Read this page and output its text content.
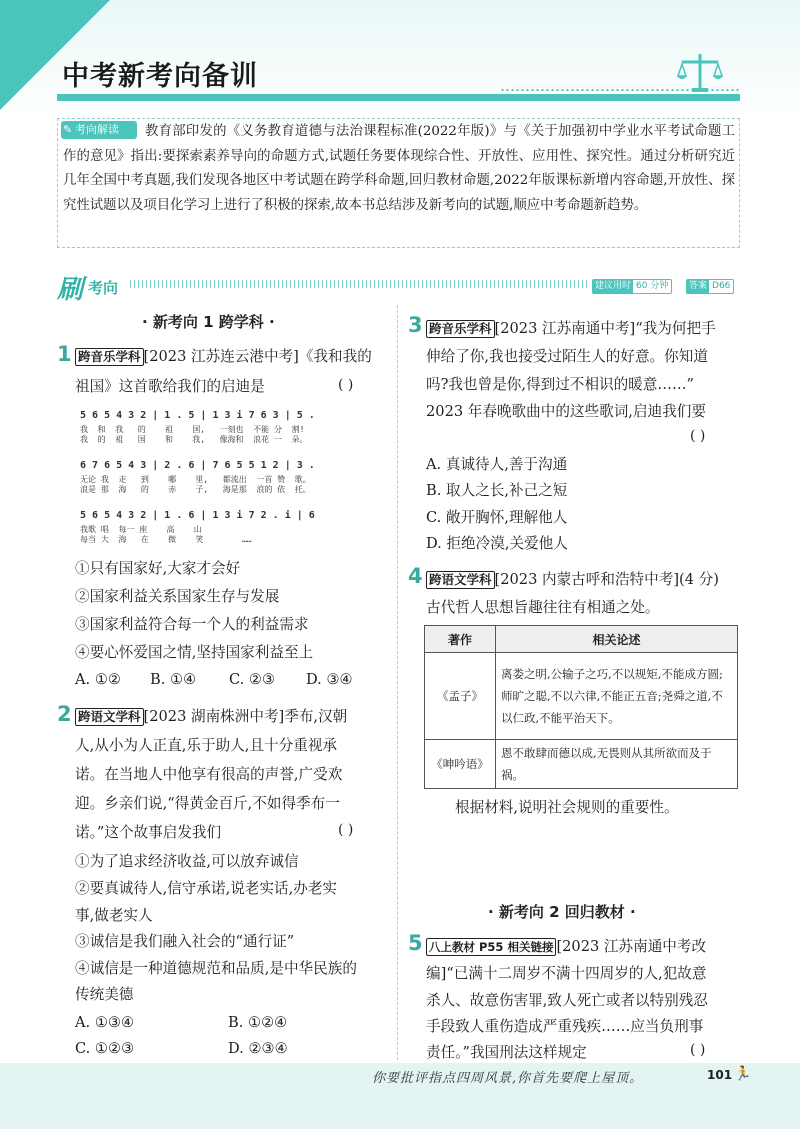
中考新考向备训
✎ 考向解读	教育部印发的《义务教育道德与法治课程标准(2022年版)》与《关于加强初中学业水平考试命题工作的意见》指出:要探索素养导向的命题方式,试题任务要体现综合性、开放性、应用性、探究性。通过分析研究近几年全国中考真题,我们发现各地区中考试题在跨学科命题,回归教材命题,2022年版课标新增内容命题,开放性、探究性试题以及项目化学习上进行了积极的探索,故本书总结涉及新考向的试题,顺应中考命题新趋势。
刷 考向	建议用时 60 分钟	答案 D66
· 新考向 1 跨学科 ·
1 跨音乐学科 [2023 江苏连云港中考]《我和我的
祖国》这首歌给我们的启迪是	( )
5 6 5 4 3 2 | 1 . 5 | 1 3 i 7 6 3 | 5 .
我  和  我   的    祖    国,   一刻也  不能 分  割!
我  的  祖   国    和    我,   像海和  浪花 一  朵。
6 7 6 5 4 3 | 2 . 6 | 7 6 5 5 1 2 | 3 .
无论 我  走   到    哪    里,   都流出  一首 赞  歌。
浪是 那  海   的    赤    子,   海是那  浪的 依  托。
5 6 5 4 3 2 | 1 . 6 | 1 3 i 7 2 . i | 6
我歌 唱  每一 座    高    山
每当 大  海   在    微    笑        ……
①只有国家好,大家才会好
②国家利益关系国家生存与发展
③国家利益符合每一个人的利益需求
④要心怀爱国之情,坚持国家利益至上
A. ①② B. ①④ C. ②③ D. ③④
2 跨语文学科 [2023 湖南株洲中考]季布,汉朝
人,从小为人正直,乐于助人,且十分重视承
诺。在当地人中他享有很高的声誉,广受欢
迎。乡亲们说,“得黄金百斤,不如得季布一
诺。”这个故事启发我们	( )
①为了追求经济收益,可以放弃诚信
②要真诚待人,信守承诺,说老实话,办老实
事,做老实人
③诚信是我们融入社会的“通行证”
④诚信是一种道德规范和品质,是中华民族的
传统美德
A. ①③④	B. ①②④
C. ①②③	D. ②③④
3 跨音乐学科 [2023 江苏南通中考]“我为何把手
伸给了你,我也接受过陌生人的好意。你知道
吗?我也曾是你,得到过不相识的暖意……”
2023 年春晚歌曲中的这些歌词,启迪我们要
( )
A. 真诚待人,善于沟通
B. 取人之长,补己之短
C. 敞开胸怀,理解他人
D. 拒绝冷漠,关爱他人
4 跨语文学科 [2023 内蒙古呼和浩特中考](4 分)
古代哲人思想旨趣往往有相通之处。
著作	相关论述
《孟子》	离娄之明,公输子之巧,不以规矩,不能成方圆;师旷之聪,不以六律,不能正五音;尧舜之道,不以仁政,不能平治天下。
《呻吟语》	恩不敢肆而德以成,无畏则从其所欲而及于祸。
根据材料,说明社会规则的重要性。
· 新考向 2 回归教材 ·
5 八上教材 P55 相关链接 [2023 江苏南通中考改
编]“已满十二周岁不满十四周岁的人,犯故意
杀人、故意伤害罪,致人死亡或者以特别残忍
手段致人重伤造成严重残疾……应当负刑事
责任。”我国刑法这样规定	( )
你要批评指点四周风景,你首先要爬上屋顶。	101 🏃
